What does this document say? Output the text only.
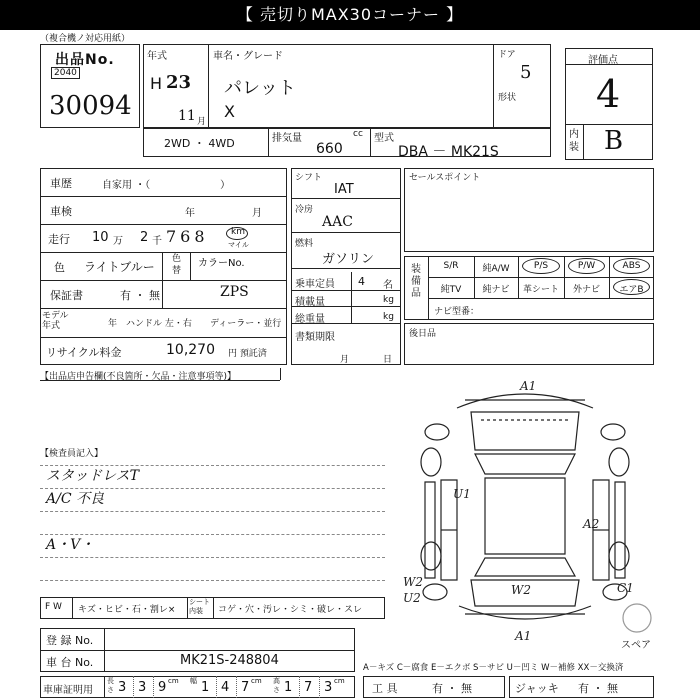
【 売切りMAX30コーナー 】
（複合機ノ対応用紙）
出品No.
2040
30094
年式
H 23
11 月
車名・グレード
パレット
X
ドア
5
形状
2WD ・ 4WD	排気量	cc
660
型式
DBA － MK21S
評価点
4
内装 B
車歴	自家用 ・（　　　　　　　）
車検	年	月
走行 10 万 2 千 768 km
マイル
色 ライトブルー
色替
カラーNo.
ZPS
保証書	有 ・ 無
モデル年式	年 ハンドル 左・右 ディーラー・並行
リサイクル料金	10,270 円 預託済
シフト
IAT
冷房
AAC
燃料
ガソリン
乗車定員 4 名
積載量	kg
総重量	kg
書類期限
月	日
セールスポイント
装備品
S/R	純A/W	P/S	P/W	ABS
純TV	純ナビ	革シート	外ナビ	エアB
ナビ型番：
後日品
【出品店申告欄(不良箇所・欠品・注意事項等)】
【検査員記入】
スタッドレスT
A/C 不良
A・V・
F W キズ・ヒビ・石・割レ×
シート内装	コゲ・穴・汚レ・シミ・破レ・スレ
登 録 No.
車 台 No.	MK21S-248804
車庫証明用
長さ
幅	高さ
3 3 9 cm 1 4 7 cm 1 7 3 cm
A－キズ C－腐食 E－エクボ S－サビ U－凹ミ W－補修 XX－交換済
工 具	有 ・ 無	ジャッキ 有 ・ 無
A1
A2
U1
W2
W2
U2
C1
A1
スペア
